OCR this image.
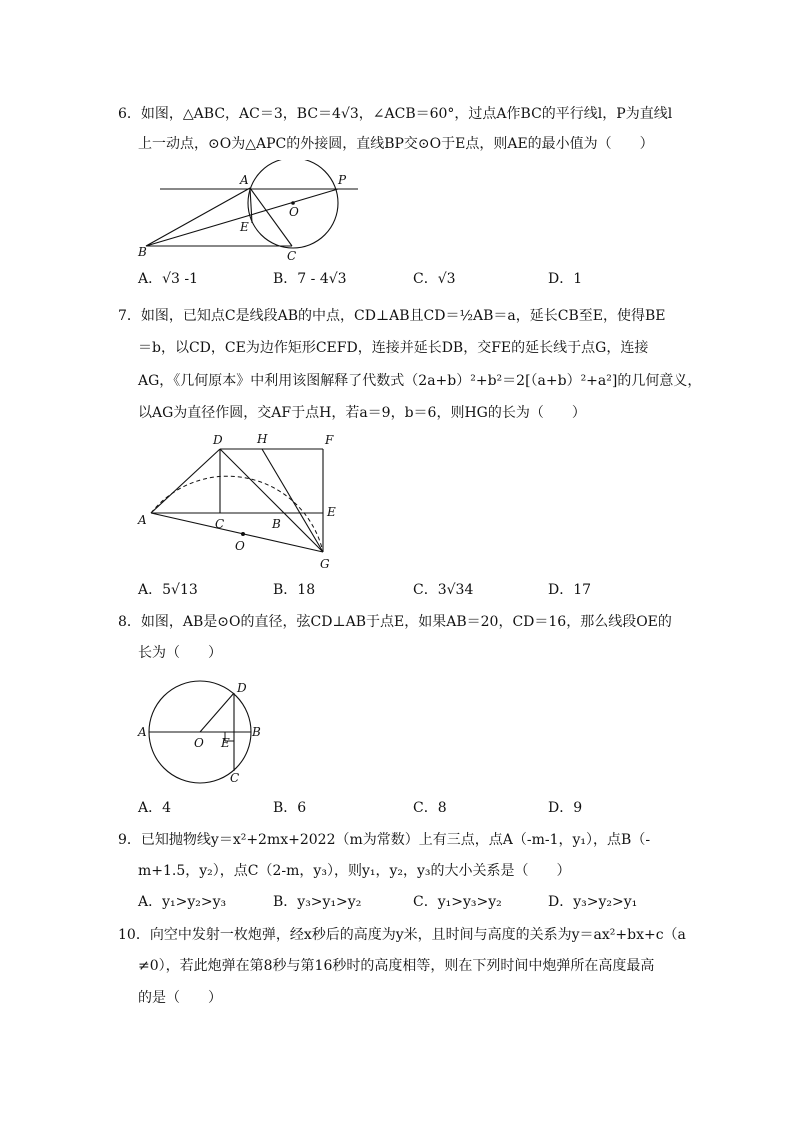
6．如图，△ABC，AC＝3，BC＝4√3，∠ACB＝60°，过点A作BC的平行线l，P为直线l
上一动点，⊙O为△APC的外接圆，直线BP交⊙O于E点，则AE的最小值为（　　）
A	P
O
E
B	C
A．√3 -1	B．7 - 4√3	C．√3	D．1
7．如图，已知点C是线段AB的中点，CD⊥AB且CD＝½AB＝a，延长CB至E，使得BE
＝b，以CD，CE为边作矩形CEFD，连接并延长DB，交FE的延长线于点G，连接
AG，《几何原本》中利用该图解释了代数式（2a+b）²+b²＝2[（a+b）²+a²]的几何意义，
以AG为直径作圆，交AF于点H，若a＝9，b＝6，则HG的长为（　　）
D	H	F
A	C	B
E
O
G
A．5√13	B．18	C．3√34	D．17
8．如图，AB是⊙O的直径，弦CD⊥AB于点E，如果AB＝20，CD＝16，那么线段OE的
长为（　　）
D
A
O E
B
C
A．4	B．6	C．8	D．9
9．已知抛物线y＝x²+2mx+2022（m为常数）上有三点，点A（-m-1，y₁），点B（-
m+1.5，y₂），点C（2-m，y₃），则y₁，y₂，y₃的大小关系是（　　）
A．y₁>y₂>y₃	B．y₃>y₁>y₂	C．y₁>y₃>y₂	D．y₃>y₂>y₁
10．向空中发射一枚炮弹，经x秒后的高度为y米，且时间与高度的关系为y＝ax²+bx+c（a
≠0），若此炮弹在第8秒与第16秒时的高度相等，则在下列时间中炮弹所在高度最高
的是（　　）
